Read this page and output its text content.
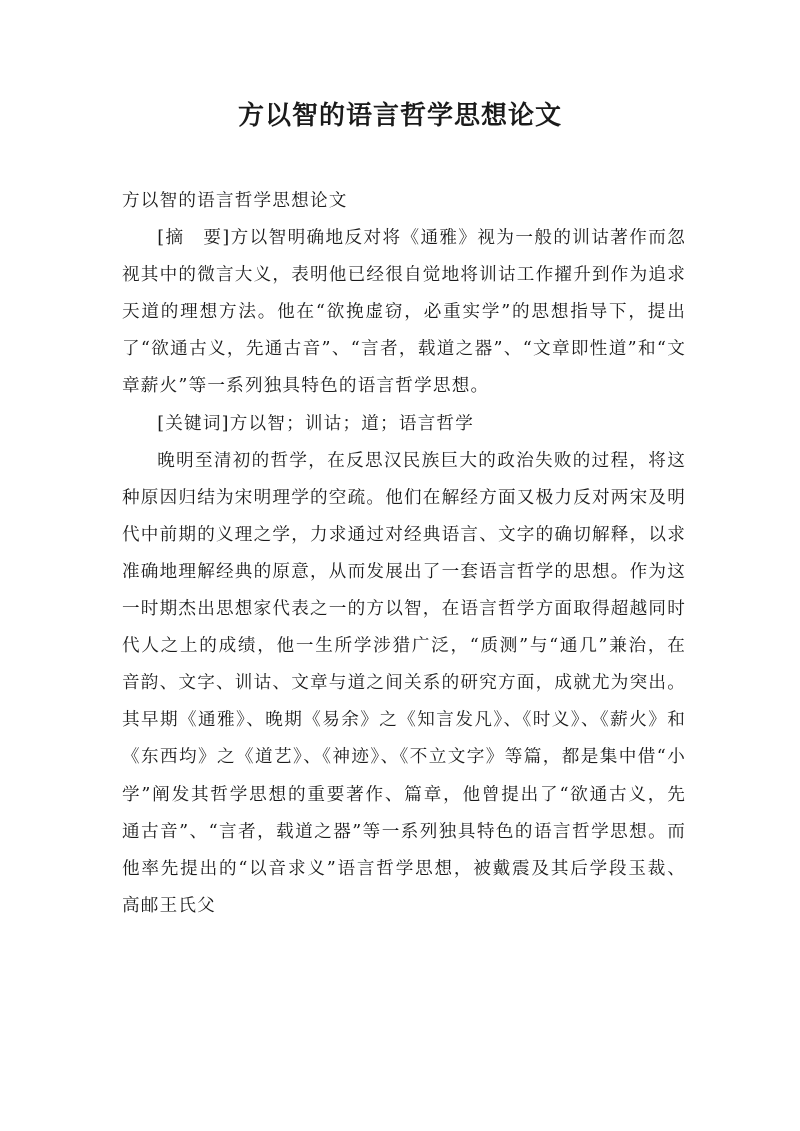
方以智的语言哲学思想论文

方以智的语言哲学思想论文

[摘　要]方以智明确地反对将《通雅》视为一般的训诂著作而忽视其中的微言大义，表明他已经很自觉地将训诂工作擢升到作为追求天道的理想方法。他在“欲挽虚窃，必重实学”的思想指导下，提出了“欲通古义，先通古音”、“言者，载道之器”、“文章即性道”和“文章薪火”等一系列独具特色的语言哲学思想。

[关键词]方以智；训诂；道；语言哲学

晚明至清初的哲学，在反思汉民族巨大的政治失败的过程，将这种原因归结为宋明理学的空疏。他们在解经方面又极力反对两宋及明代中前期的义理之学，力求通过对经典语言、文字的确切解释，以求准确地理解经典的原意，从而发展出了一套语言哲学的思想。作为这一时期杰出思想家代表之一的方以智，在语言哲学方面取得超越同时代人之上的成绩，他一生所学涉猎广泛，“质测”与“通几”兼治，在音韵、文字、训诂、文章与道之间关系的研究方面，成就尤为突出。其早期《通雅》、晚期《易余》之《知言发凡》、《时义》、《薪火》和《东西均》之《道艺》、《神迹》、《不立文字》等篇，都是集中借“小学”阐发其哲学思想的重要著作、篇章，他曾提出了“欲通古义，先通古音”、“言者，载道之器”等一系列独具特色的语言哲学思想。而他率先提出的“以音求义”语言哲学思想，被戴震及其后学段玉裁、高邮王氏父
